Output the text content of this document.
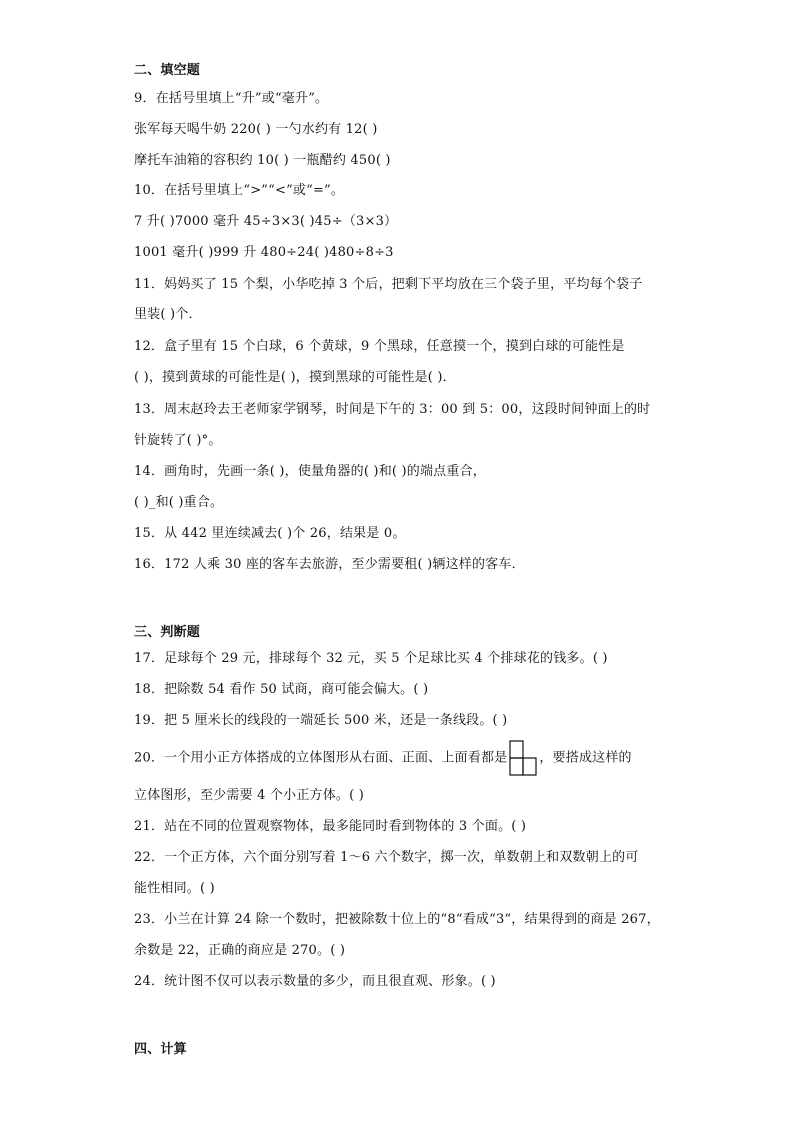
二、填空题
9．在括号里填上“升”或“毫升”。
张军每天喝牛奶 220( ) 一勺水约有 12( )
摩托车油箱的容积约 10( ) 一瓶醋约 450( )
10．在括号里填上“>”“<”或“=”。
7 升( )7000 毫升 45÷3×3( )45÷（3×3）
1001 毫升( )999 升 480÷24( )480÷8÷3
11．妈妈买了 15 个梨，小华吃掉 3 个后，把剩下平均放在三个袋子里，平均每个袋子
里装( )个．
12．盒子里有 15 个白球，6 个黄球，9 个黑球，任意摸一个，摸到白球的可能性是
( )，摸到黄球的可能性是( )，摸到黑球的可能性是( )．
13．周末赵玲去王老师家学钢琴，时间是下午的 3：00 到 5：00，这段时间钟面上的时
针旋转了( )°。
14．画角时，先画一条( )，使量角器的( )和( )的端点重合，
( )_和( )重合。
15．从 442 里连续减去( )个 26，结果是 0。
16．172 人乘 30 座的客车去旅游，至少需要租( )辆这样的客车．
三、判断题
17．足球每个 29 元，排球每个 32 元，买 5 个足球比买 4 个排球花的钱多。( )
18．把除数 54 看作 50 试商，商可能会偏大。( )
19．把 5 厘米长的线段的一端延长 500 米，还是一条线段。( )
20．一个用小正方体搭成的立体图形从右面、正面、上面看都是 ，要搭成这样的
立体图形，至少需要 4 个小正方体。( )
21．站在不同的位置观察物体，最多能同时看到物体的 3 个面。( )
22．一个正方体，六个面分别写着 1～6 六个数字，掷一次，单数朝上和双数朝上的可
能性相同。( )
23．小兰在计算 24 除一个数时，把被除数十位上的“8“看成“3“，结果得到的商是 267，
余数是 22，正确的商应是 270。( )
24．统计图不仅可以表示数量的多少，而且很直观、形象。( )
四、计算
